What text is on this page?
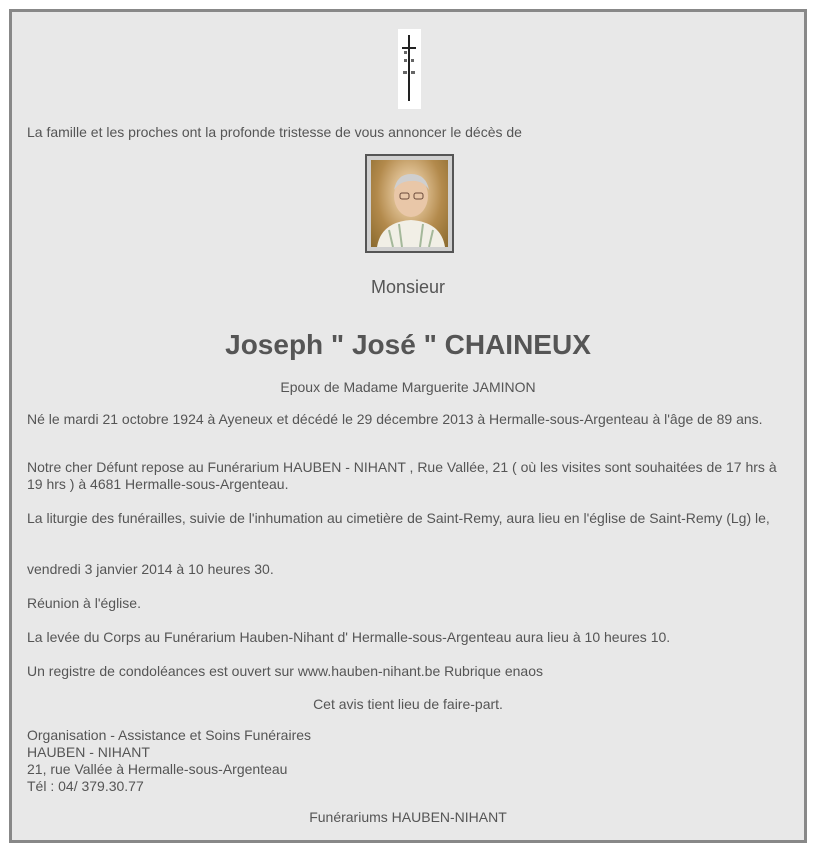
La famille et les proches ont la profonde tristesse de vous annoncer le décès de

Monsieur

Joseph " José " CHAINEUX

Epoux de Madame Marguerite JAMINON

Né le mardi 21 octobre 1924 à Ayeneux et décédé le 29 décembre 2013 à Hermalle-sous-Argenteau à l'âge de 89 ans.

Notre cher Défunt repose au Funérarium HAUBEN - NIHANT , Rue Vallée, 21 ( où les visites sont souhaitées de 17 hrs à 19 hrs ) à 4681 Hermalle-sous-Argenteau.

La liturgie des funérailles, suivie de l'inhumation au cimetière de Saint-Remy, aura lieu en l'église de Saint-Remy (Lg) le,

vendredi 3 janvier 2014 à 10 heures 30.

Réunion à l'église.

La levée du Corps au Funérarium Hauben-Nihant d' Hermalle-sous-Argenteau aura lieu à 10 heures 10.

Un registre de condoléances est ouvert sur www.hauben-nihant.be Rubrique enaos

Cet avis tient lieu de faire-part.

Organisation - Assistance et Soins Funéraires

HAUBEN - NIHANT

21, rue Vallée à Hermalle-sous-Argenteau

Tél : 04/ 379.30.77

Funérariums HAUBEN-NIHANT
